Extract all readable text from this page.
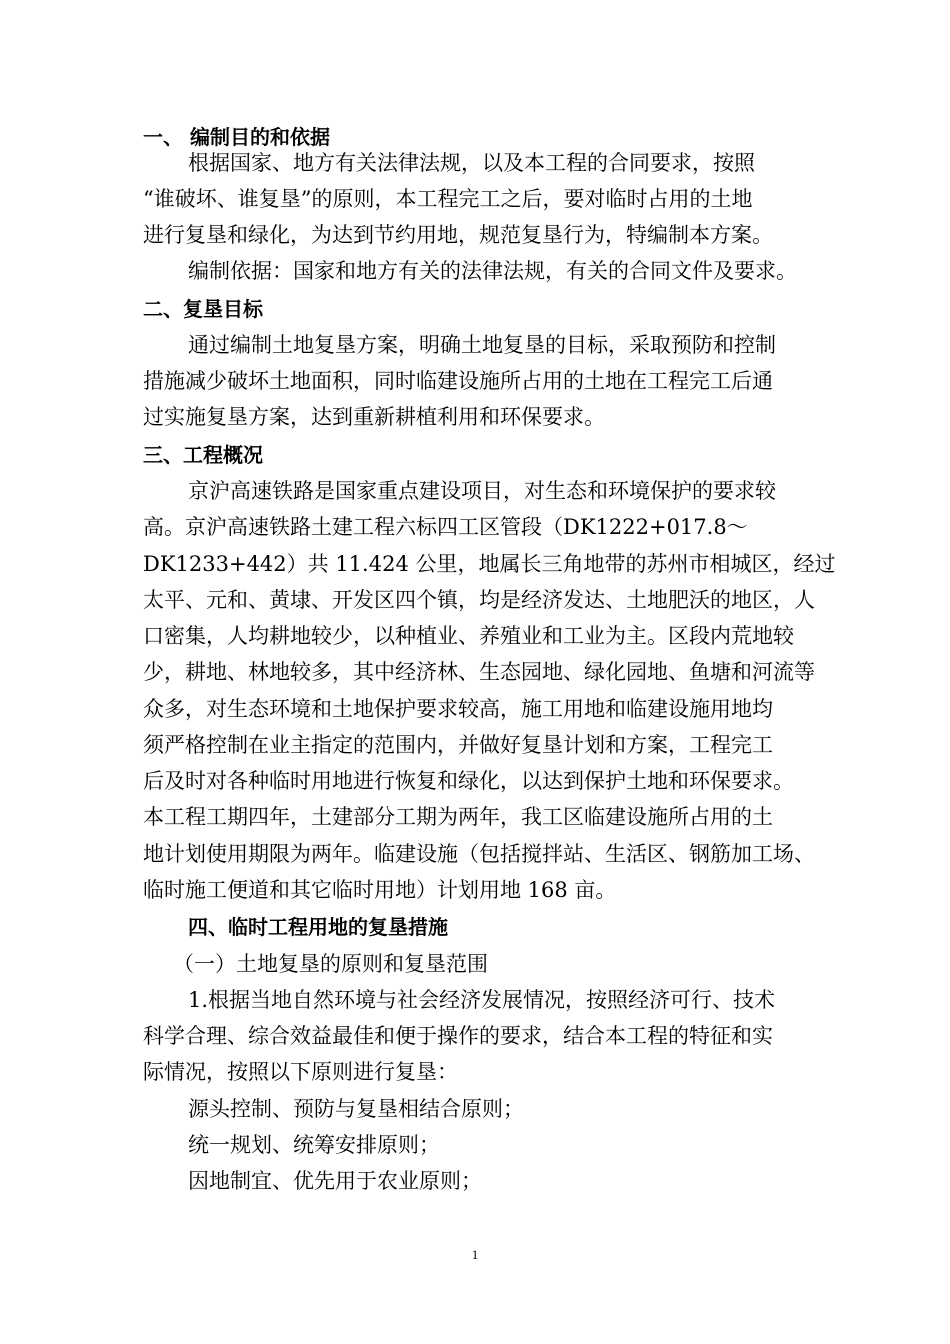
一、 编制目的和依据
根据国家、地方有关法律法规，以及本工程的合同要求，按照
“谁破坏、谁复垦”的原则，本工程完工之后，要对临时占用的土地
进行复垦和绿化，为达到节约用地，规范复垦行为，特编制本方案。
编制依据：国家和地方有关的法律法规，有关的合同文件及要求。
二、复垦目标
通过编制土地复垦方案，明确土地复垦的目标，采取预防和控制
措施减少破坏土地面积，同时临建设施所占用的土地在工程完工后通
过实施复垦方案，达到重新耕植利用和环保要求。
三、工程概况
京沪高速铁路是国家重点建设项目，对生态和环境保护的要求较
高。京沪高速铁路土建工程六标四工区管段（DK1222+017.8～
DK1233+442）共 11.424 公里，地属长三角地带的苏州市相城区，经过
太平、元和、黄埭、开发区四个镇，均是经济发达、土地肥沃的地区，人
口密集，人均耕地较少，以种植业、养殖业和工业为主。区段内荒地较
少，耕地、林地较多，其中经济林、生态园地、绿化园地、鱼塘和河流等
众多，对生态环境和土地保护要求较高，施工用地和临建设施用地均
须严格控制在业主指定的范围内，并做好复垦计划和方案，工程完工
后及时对各种临时用地进行恢复和绿化，以达到保护土地和环保要求。
本工程工期四年，土建部分工期为两年，我工区临建设施所占用的土
地计划使用期限为两年。临建设施（包括搅拌站、生活区、钢筋加工场、
临时施工便道和其它临时用地）计划用地 168 亩。
四、临时工程用地的复垦措施
（一）土地复垦的原则和复垦范围
1.根据当地自然环境与社会经济发展情况，按照经济可行、技术
科学合理、综合效益最佳和便于操作的要求，结合本工程的特征和实
际情况，按照以下原则进行复垦：
源头控制、预防与复垦相结合原则；
统一规划、统筹安排原则；
因地制宜、优先用于农业原则；
1
